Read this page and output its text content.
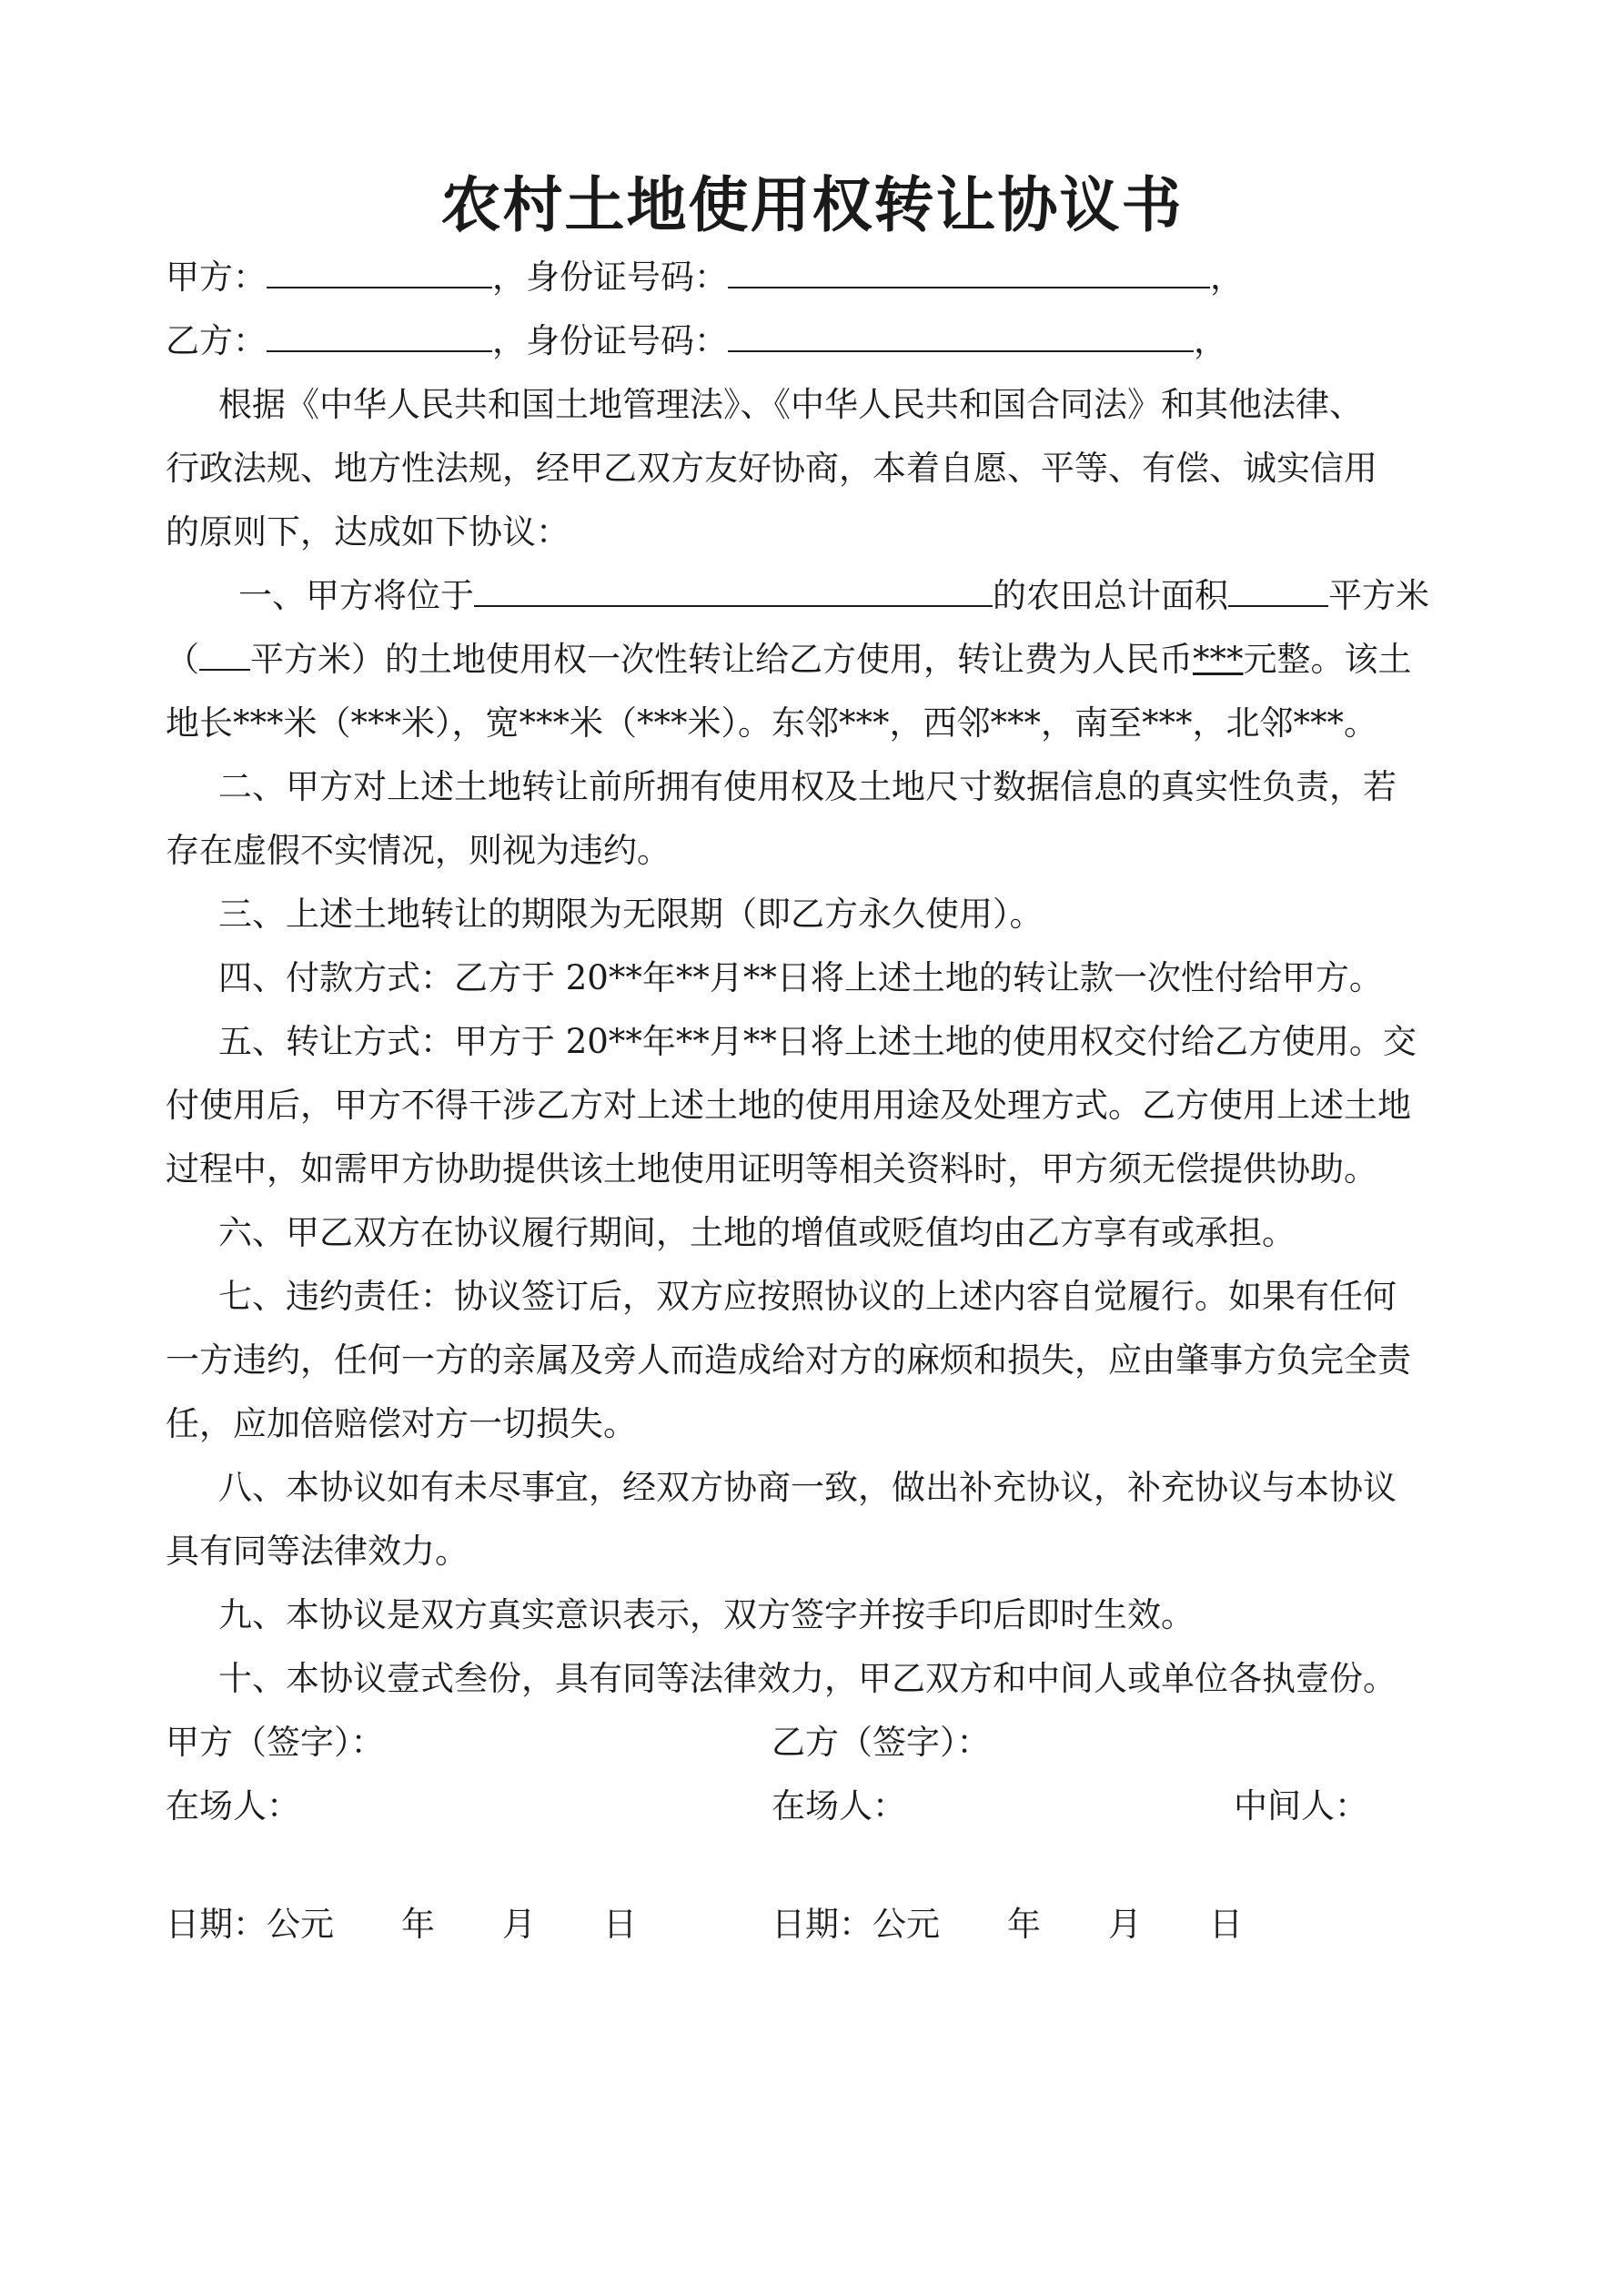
农村土地使用权转让协议书
甲方：	，身份证号码：	，
乙方：	，身份证号码：	，
根据《中华人民共和国土地管理法》、《中华人民共和国合同法》和其他法律、
行政法规、地方性法规，经甲乙双方友好协商，本着自愿、平等、有偿、诚实信用
的原则下，达成如下协议：
一、甲方将位于	的农田总计面积	平方米
（ 平方米）的土地使用权一次性转让给乙方使用，转让费为人民币***元整。该土
地长***米（***米），宽***米（***米）。东邻***，西邻***，南至***，北邻***。
二、甲方对上述土地转让前所拥有使用权及土地尺寸数据信息的真实性负责，若
存在虚假不实情况，则视为违约。
三、上述土地转让的期限为无限期（即乙方永久使用）。
四、付款方式：乙方于 20**年**月**日将上述土地的转让款一次性付给甲方。
五、转让方式：甲方于 20**年**月**日将上述土地的使用权交付给乙方使用。交
付使用后，甲方不得干涉乙方对上述土地的使用用途及处理方式。乙方使用上述土地
过程中，如需甲方协助提供该土地使用证明等相关资料时，甲方须无偿提供协助。
六、甲乙双方在协议履行期间，土地的增值或贬值均由乙方享有或承担。
七、违约责任：协议签订后，双方应按照协议的上述内容自觉履行。如果有任何
一方违约，任何一方的亲属及旁人而造成给对方的麻烦和损失，应由肇事方负完全责
任，应加倍赔偿对方一切损失。
八、本协议如有未尽事宜，经双方协商一致，做出补充协议，补充协议与本协议
具有同等法律效力。
九、本协议是双方真实意识表示，双方签字并按手印后即时生效。
十、本协议壹式叁份，具有同等法律效力，甲乙双方和中间人或单位各执壹份。
甲方（签字）：	乙方（签字）：
在场人：	在场人：	中间人：
日期：公元　　年　　月　　日	日期：公元　　年　　月　　日
